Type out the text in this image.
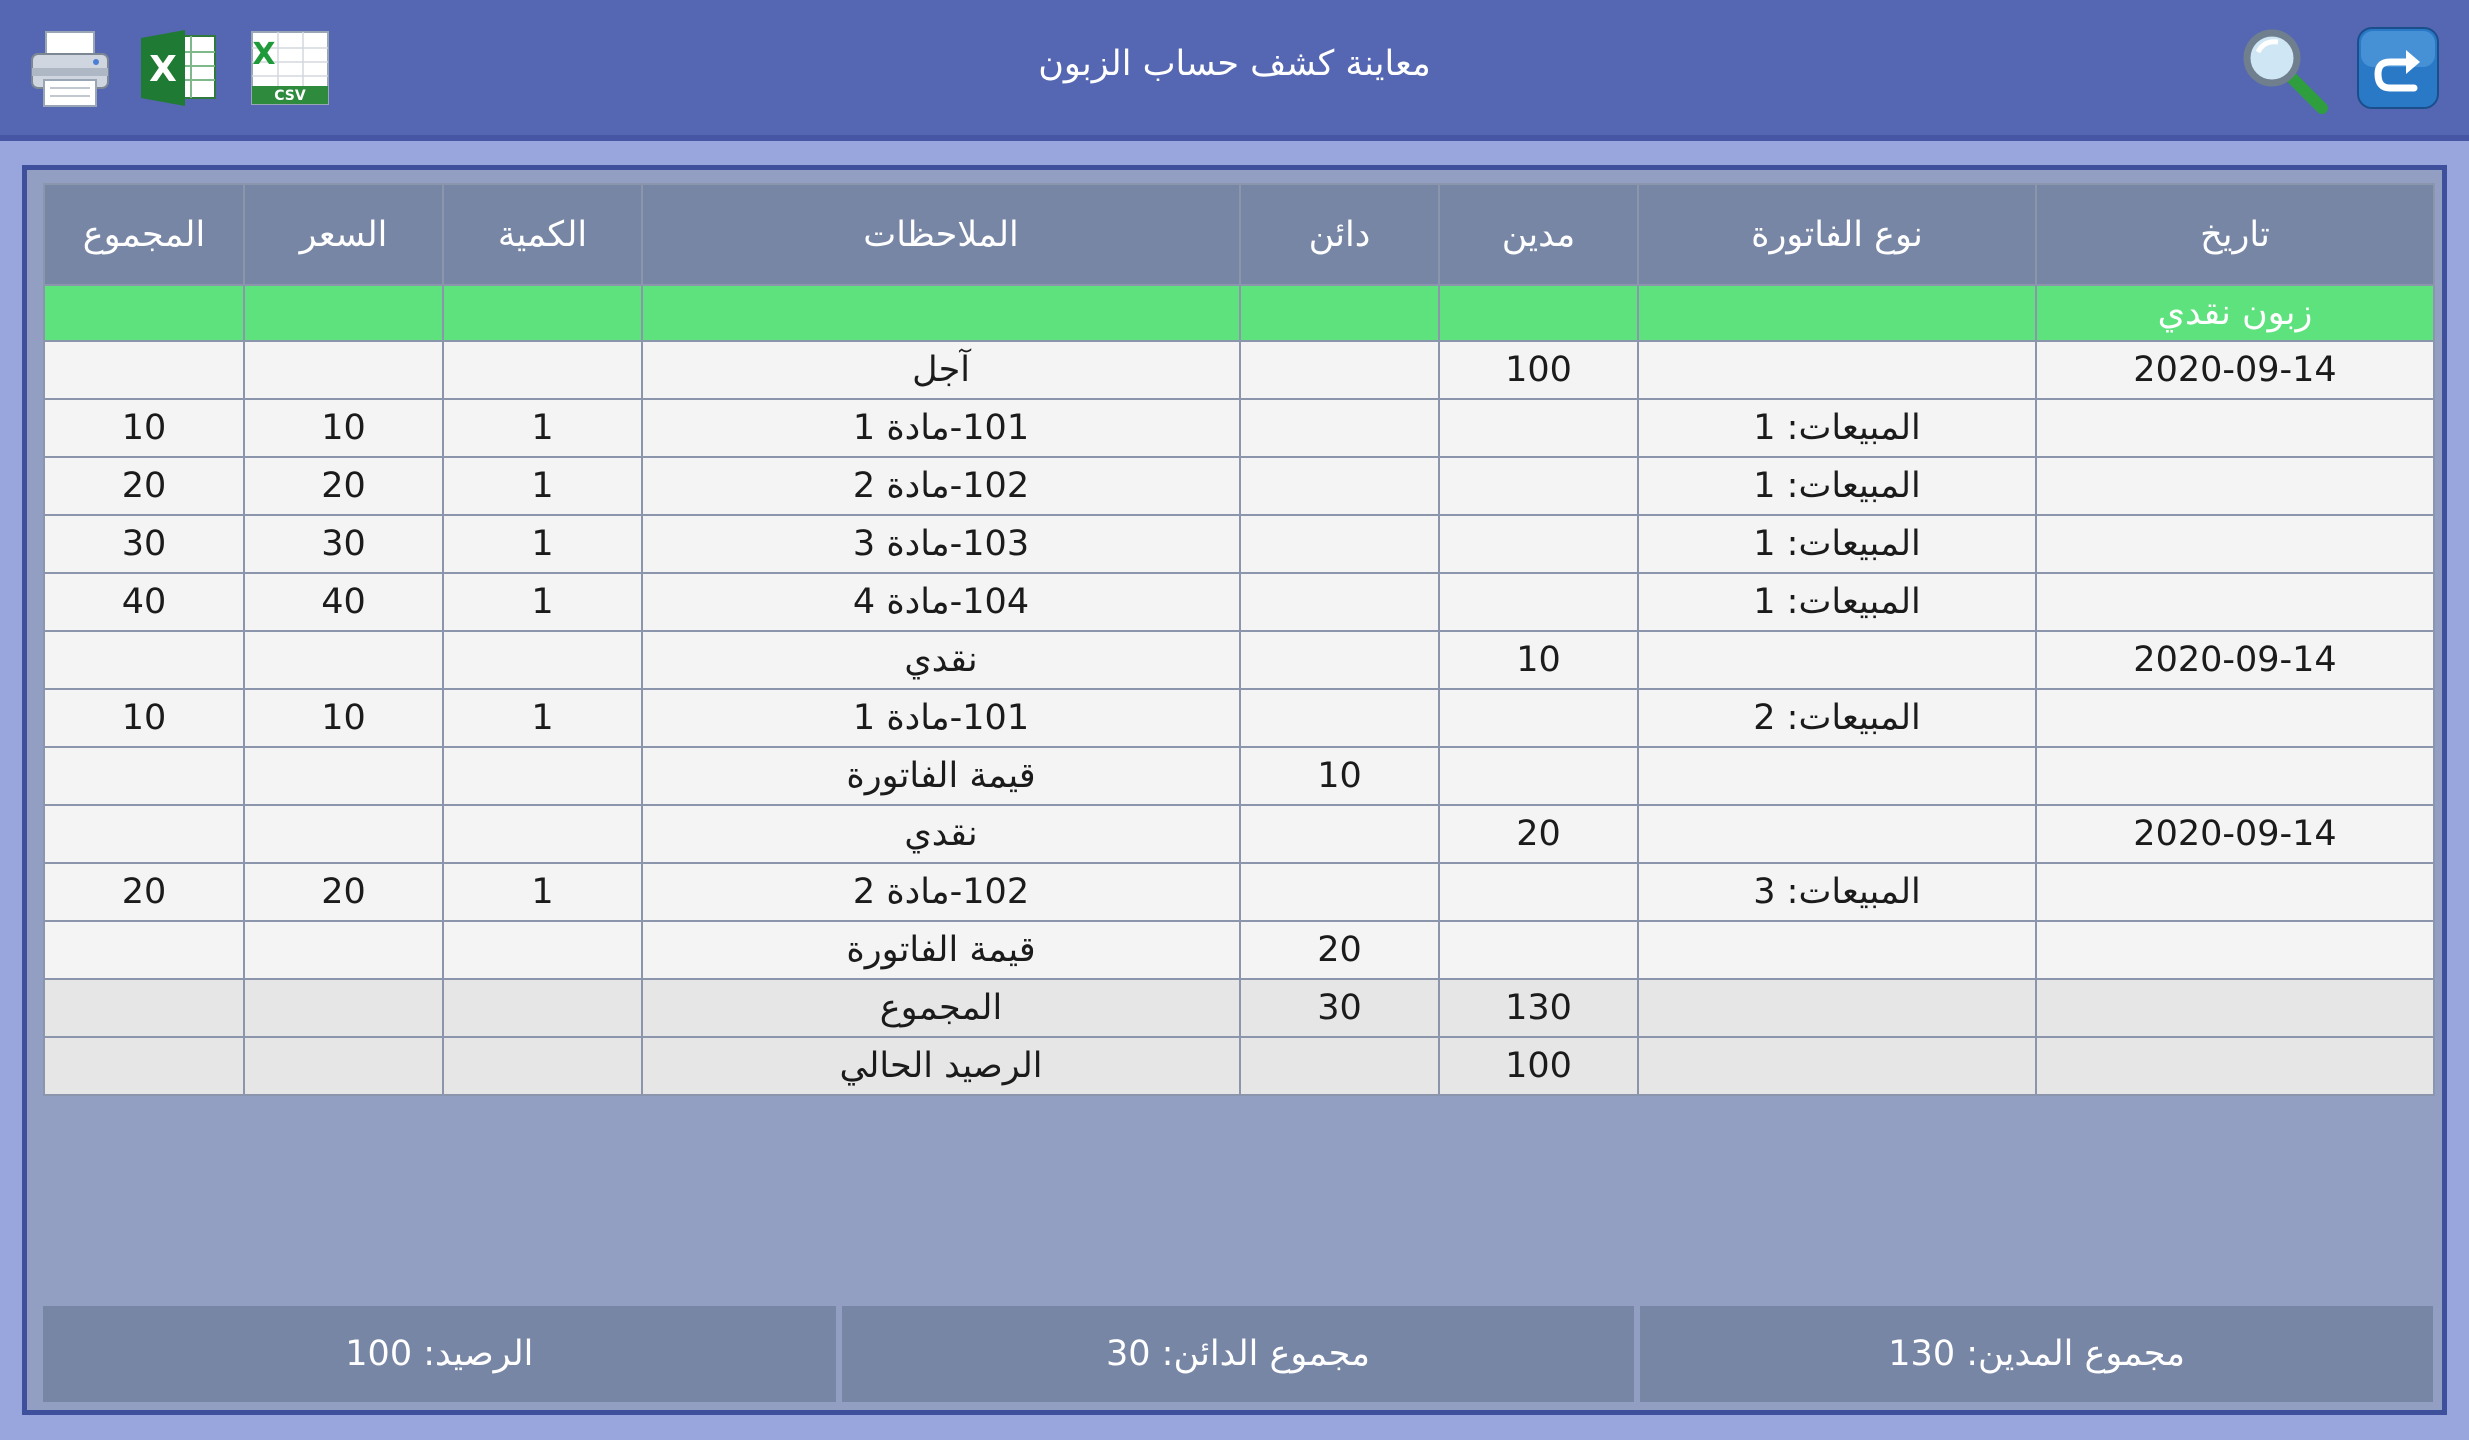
X	X
CSV
معاينة كشف حساب الزبون
تاريخ	نوع الفاتورة	مدين	دائن	الملاحظات	الكمية	السعر	المجموع
زبون نقدي							
2020-09-14		100		آجل			
	المبيعات: 1			101-مادة 1	1	10	10
	المبيعات: 1			102-مادة 2	1	20	20
	المبيعات: 1			103-مادة 3	1	30	30
	المبيعات: 1			104-مادة 4	1	40	40
2020-09-14		10		نقدي			
	المبيعات: 2			101-مادة 1	1	10	10
			10	قيمة الفاتورة			
2020-09-14		20		نقدي			
	المبيعات: 3			102-مادة 2	1	20	20
			20	قيمة الفاتورة			
		130	30	المجموع			
		100		الرصيد الحالي			
مجموع المدين: 130
مجموع الدائن: 30
الرصيد: 100
